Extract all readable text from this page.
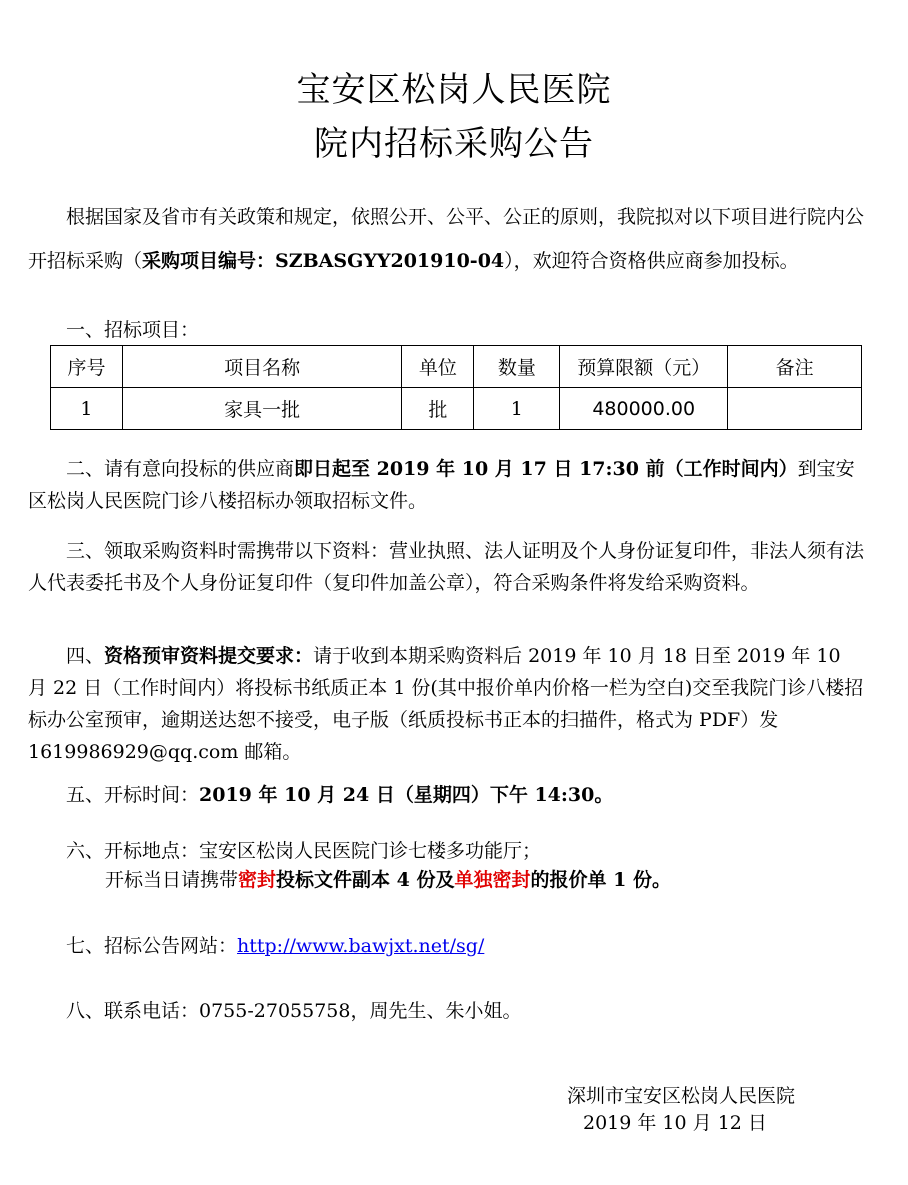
宝安区松岗人民医院
院内招标采购公告
根据国家及省市有关政策和规定，依照公开、公平、公正的原则，我院拟对以下项目进行院内公开招标采购（采购项目编号：SZBASGYY201910-04），欢迎符合资格供应商参加投标。
一、招标项目：
序号	项目名称	单位	数量	预算限额（元）	备注
1	家具一批	批	1	480000.00	
二、请有意向投标的供应商即日起至 2019 年 10 月 17 日 17:30 前（工作时间内）到宝安区松岗人民医院门诊八楼招标办领取招标文件。
三、领取采购资料时需携带以下资料：营业执照、法人证明及个人身份证复印件，非法人须有法人代表委托书及个人身份证复印件（复印件加盖公章），符合采购条件将发给采购资料。
四、资格预审资料提交要求：请于收到本期采购资料后 2019 年 10 月 18 日至 2019 年 10 月 22 日（工作时间内）将投标书纸质正本 1 份(其中报价单内价格一栏为空白)交至我院门诊八楼招标办公室预审，逾期送达恕不接受，电子版（纸质投标书正本的扫描件，格式为 PDF）发 1619986929@qq.com 邮箱。
五、开标时间：2019 年 10 月 24 日（星期四）下午 14:30。
六、开标地点：宝安区松岗人民医院门诊七楼多功能厅；
开标当日请携带密封投标文件副本 4 份及单独密封的报价单 1 份。
七、招标公告网站：http://www.bawjxt.net/sg/
八、联系电话：0755-27055758，周先生、朱小姐。
深圳市宝安区松岗人民医院
2019 年 10 月 12 日
